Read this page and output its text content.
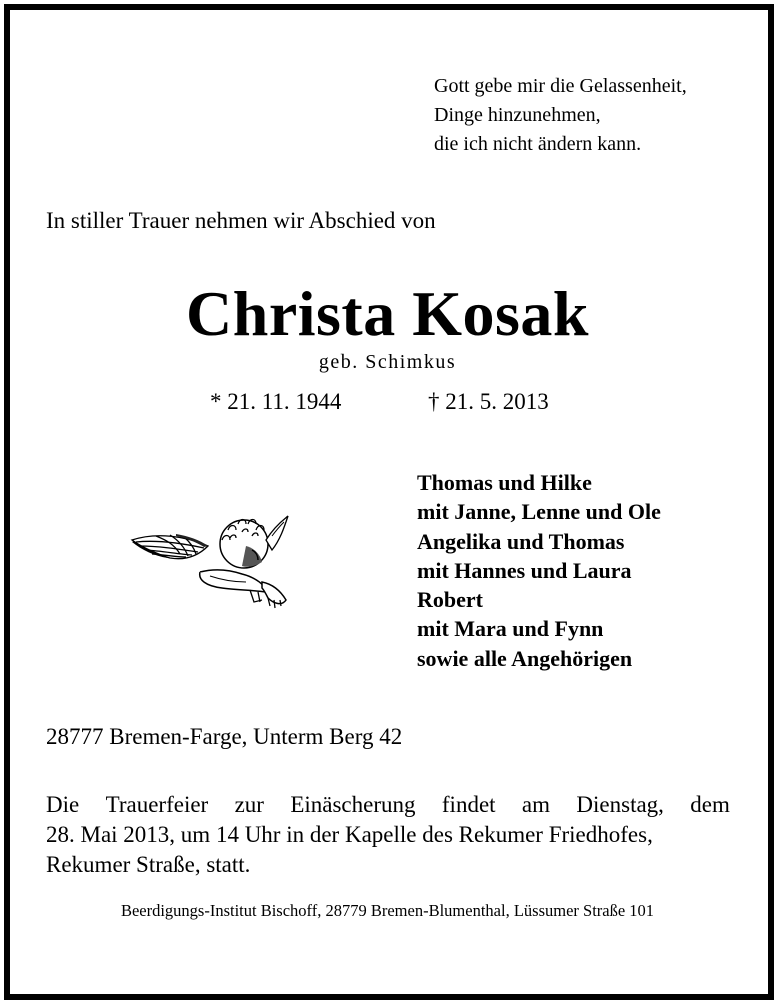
Gott gebe mir die Gelassenheit,
Dinge hinzunehmen,
die ich nicht ändern kann.
In stiller Trauer nehmen wir Abschied von
Christa Kosak
geb. Schimkus
* 21. 11. 1944	† 21. 5. 2013
Thomas und Hilke
mit Janne, Lenne und Ole
Angelika und Thomas
mit Hannes und Laura
Robert
mit Mara und Fynn
sowie alle Angehörigen
28777 Bremen-Farge, Unterm Berg 42
Die Trauerfeier zur Einäscherung findet am Dienstag, dem
28. Mai 2013, um 14 Uhr in der Kapelle des Rekumer Friedhofes,
Rekumer Straße, statt.
Beerdigungs-Institut Bischoff, 28779 Bremen-Blumenthal, Lüssumer Straße 101
